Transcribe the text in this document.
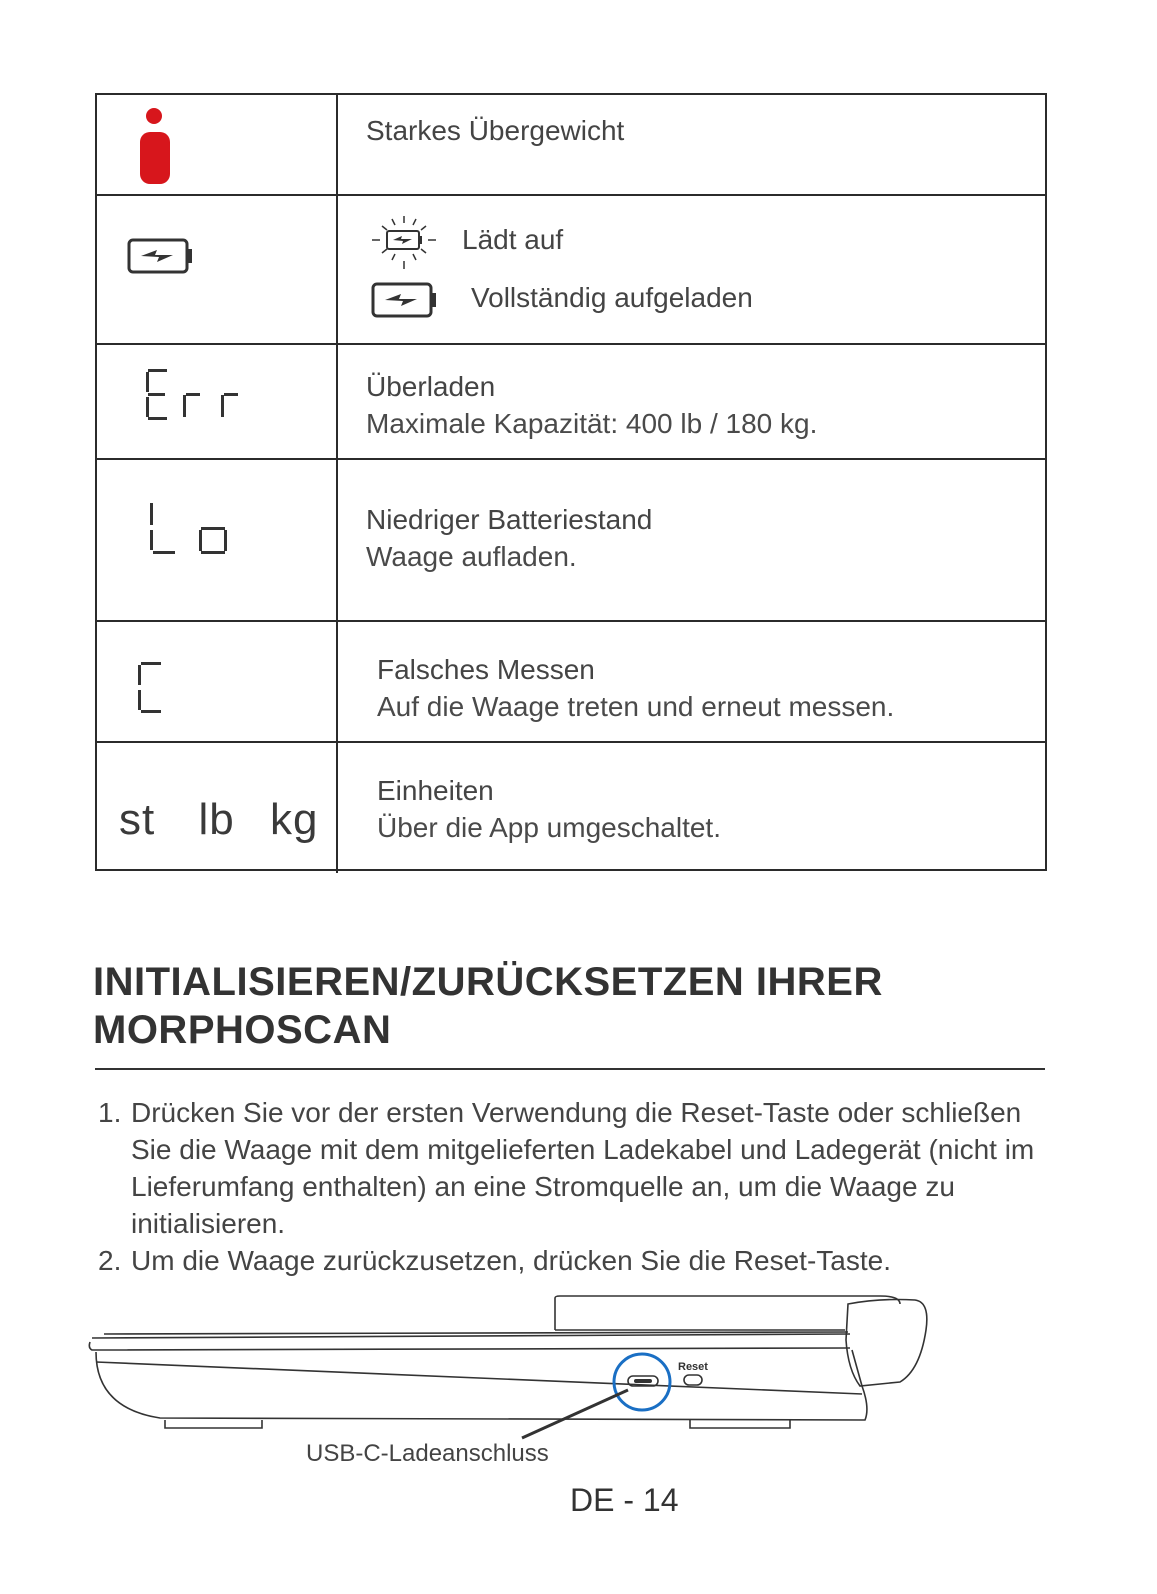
Starkes Übergewicht
Lädt auf
Vollständig aufgeladen
Überladen
Maximale Kapazität: 400 lb / 180 kg.
Niedriger Batteriestand
Waage aufladen.
Falsches Messen
Auf die Waage treten und erneut messen.
st lb kg
Einheiten
Über die App umgeschaltet.
INITIALISIEREN/ZURÜCKSETZEN IHRER
MORPHOSCAN
1. Drücken Sie vor der ersten Verwendung die Reset-Taste oder schließen Sie die Waage mit dem mitgelieferten Ladekabel und Ladegerät (nicht im Lieferumfang enthalten) an eine Stromquelle an, um die Waage zu initialisieren.
2. Um die Waage zurückzusetzen, drücken Sie die Reset-Taste.
Reset
USB-C-Ladeanschluss
DE - 14
